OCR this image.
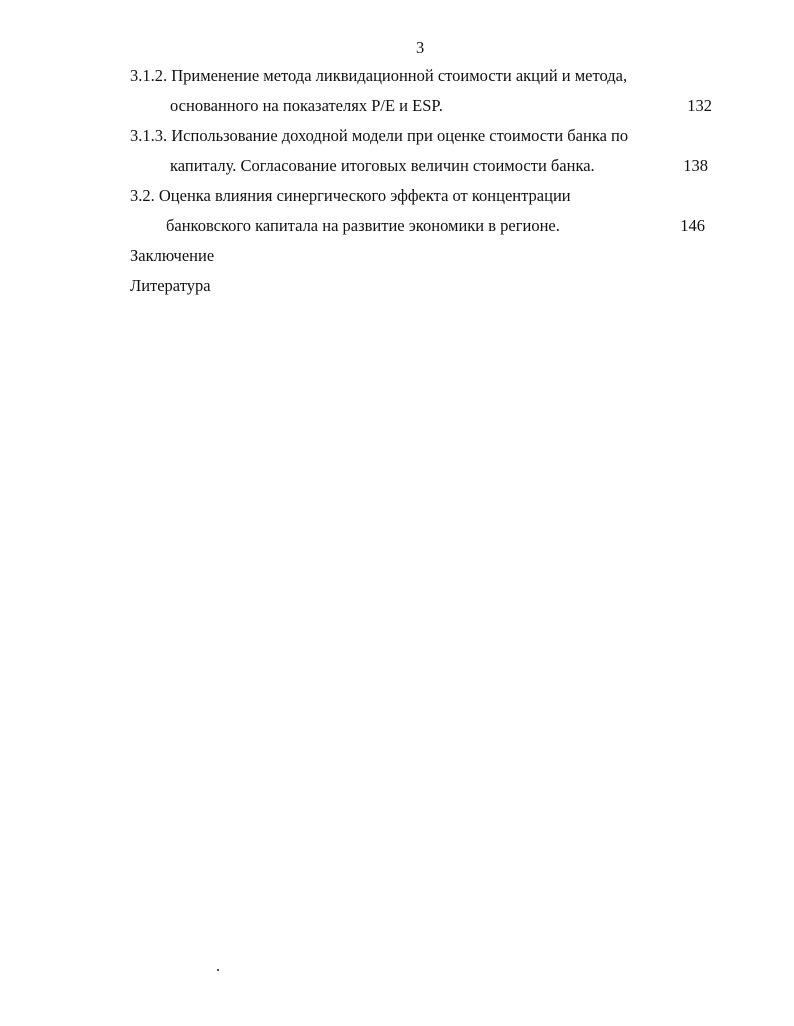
3
3.1.2. Применение метода ликвидационной стоимости акций и метода,
основанного на показателях P/E и ESP.	132
3.1.3. Использование доходной модели при оценке стоимости банка по
капиталу. Согласование итоговых величин стоимости банка.	138
3.2. Оценка влияния синергического эффекта от концентрации
банковского капитала на развитие экономики в регионе.	146
Заключение
Литература
